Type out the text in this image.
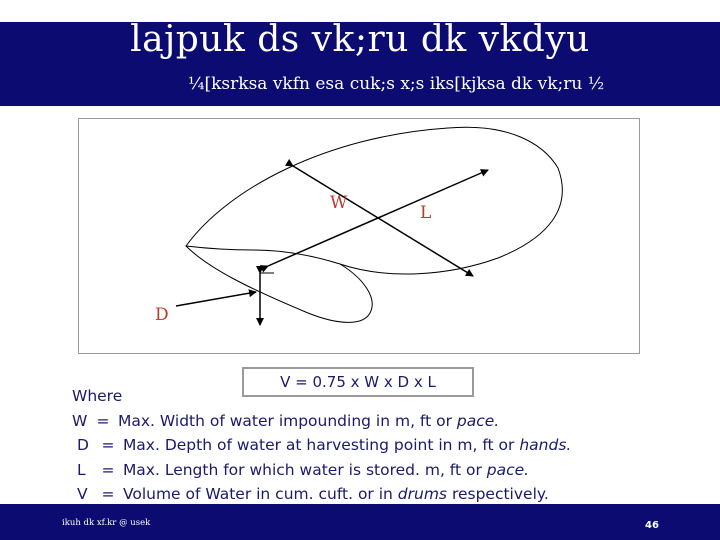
lajpuk ds vk;ru dk vkdyu
¼[ksrksa vkfn esa cuk;s x;s iks[kjksa dk vk;ru ½
W	L
D
V = 0.75 x W x D x L
Where
W = Max. Width of water impounding in m, ft or pace.
D = Max. Depth of water at harvesting point in m, ft or hands.
L = Max. Length for which water is stored. m, ft or pace.
V = Volume of Water in cum. cuft. or in drums respectively.
ikuh dk xf.kr @ usek	46
